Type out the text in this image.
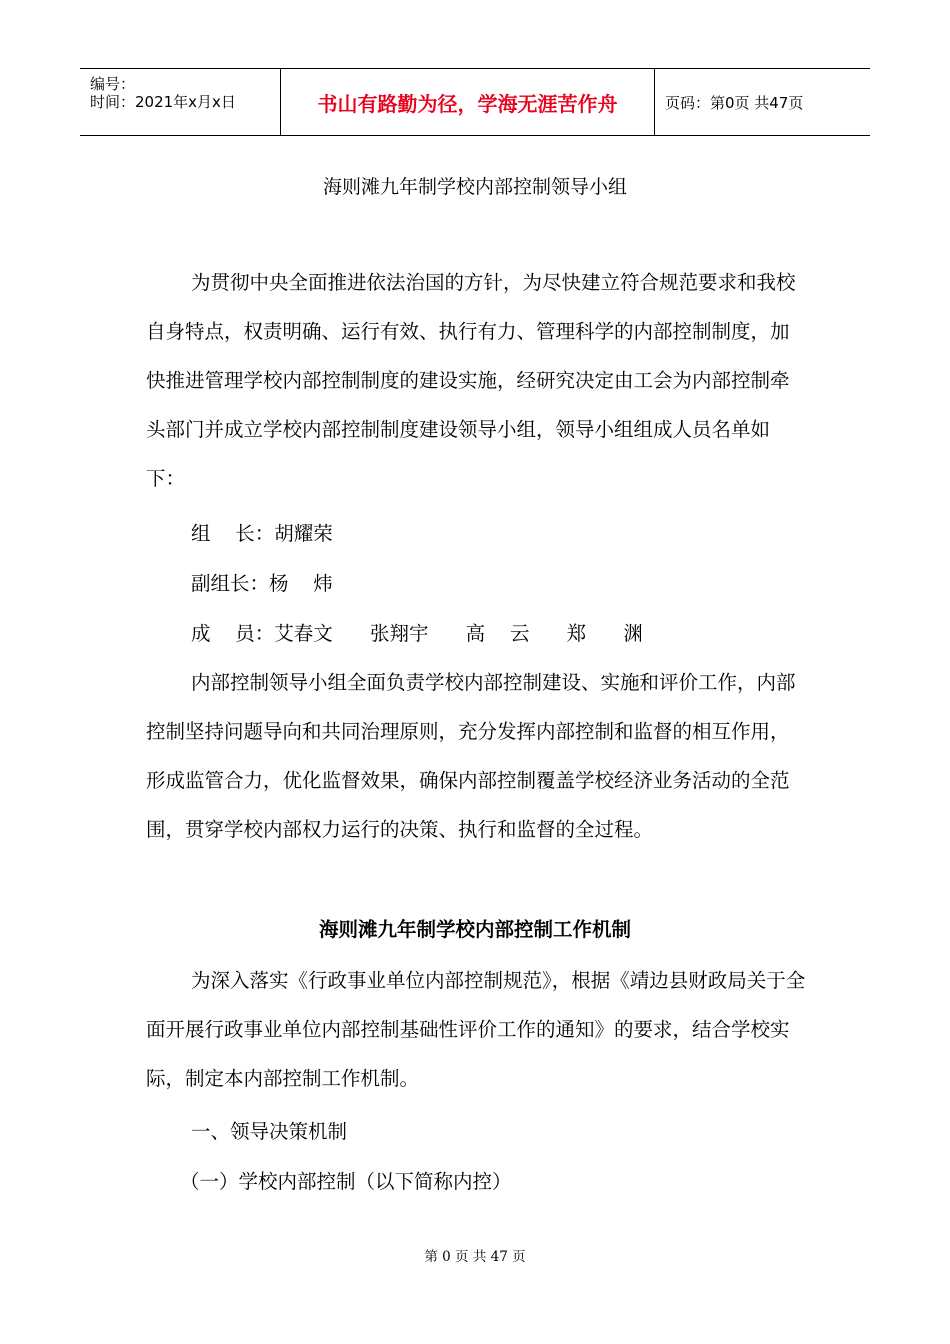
编号：
时间：2021年x月x日	书山有路勤为径，学海无涯苦作舟	页码：第0页 共47页
海则滩九年制学校内部控制领导小组

为贯彻中央全面推进依法治国的方针，为尽快建立符合规范要求和我校自身特点，权责明确、运行有效、执行有力、管理科学的内部控制制度，加快推进管理学校内部控制制度的建设实施，经研究决定由工会为内部控制牵头部门并成立学校内部控制制度建设领导小组，领导小组组成人员名单如下：

组    长：胡耀荣
副组长：杨    炜
成    员：艾春文      张翔宇      高    云      郑      渊

内部控制领导小组全面负责学校内部控制建设、实施和评价工作，内部控制坚持问题导向和共同治理原则，充分发挥内部控制和监督的相互作用，形成监管合力，优化监督效果，确保内部控制覆盖学校经济业务活动的全范围，贯穿学校内部权力运行的决策、执行和监督的全过程。

海则滩九年制学校内部控制工作机制

为深入落实《行政事业单位内部控制规范》，根据《靖边县财政局关于全面开展行政事业单位内部控制基础性评价工作的通知》的要求，结合学校实际，制定本内部控制工作机制。

一、领导决策机制
（一）学校内部控制（以下简称内控）
第 0 页 共 47 页
